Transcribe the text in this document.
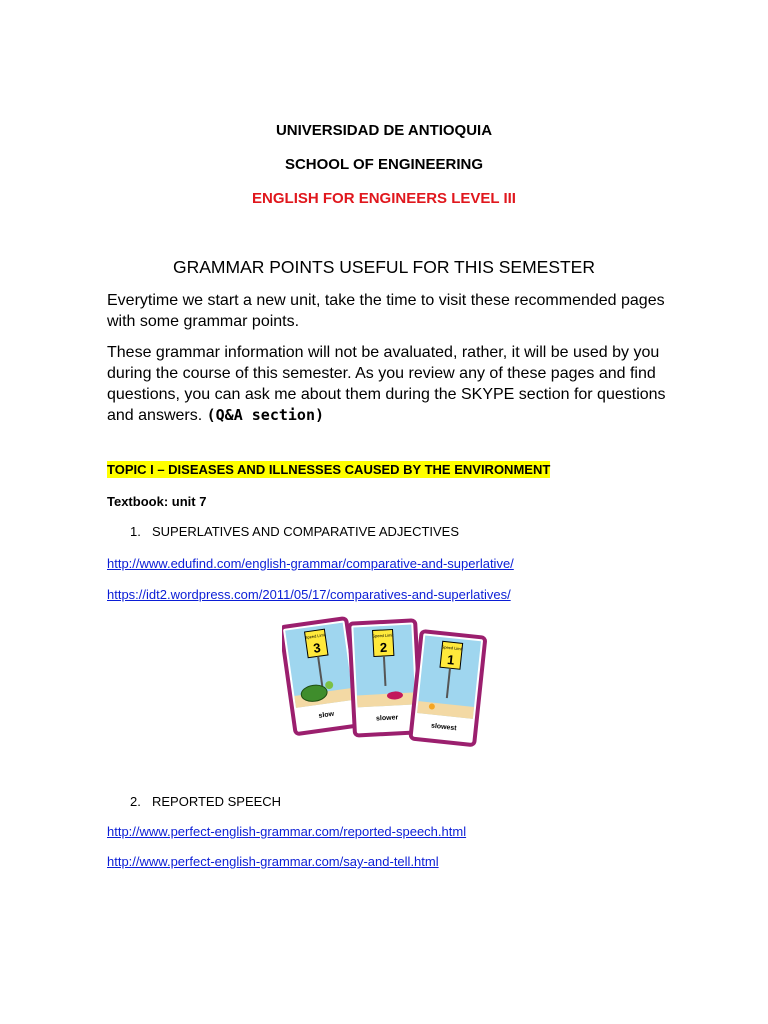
UNIVERSIDAD DE ANTIOQUIA
SCHOOL OF ENGINEERING
ENGLISH FOR ENGINEERS LEVEL III
GRAMMAR POINTS USEFUL FOR THIS SEMESTER
Everytime we start a new unit, take the time to visit these recommended pages with some grammar points.
These grammar information will not be avaluated, rather, it will be used by you during the course of this semester. As you review any of these pages and find questions, you can ask me about them during the SKYPE section for questions and answers. (Q&A section)
TOPIC I – DISEASES AND ILLNESSES CAUSED BY THE ENVIRONMENT
Textbook: unit 7
1. SUPERLATIVES AND COMPARATIVE ADJECTIVES
http://www.edufind.com/english-grammar/comparative-and-superlative/
https://idt2.wordpress.com/2011/05/17/comparatives-and-superlatives/
Speed Limit
3
slow
Speed Limit
2
slower
Speed Limit
1
slowest
2. REPORTED SPEECH
http://www.perfect-english-grammar.com/reported-speech.html
http://www.perfect-english-grammar.com/say-and-tell.html
